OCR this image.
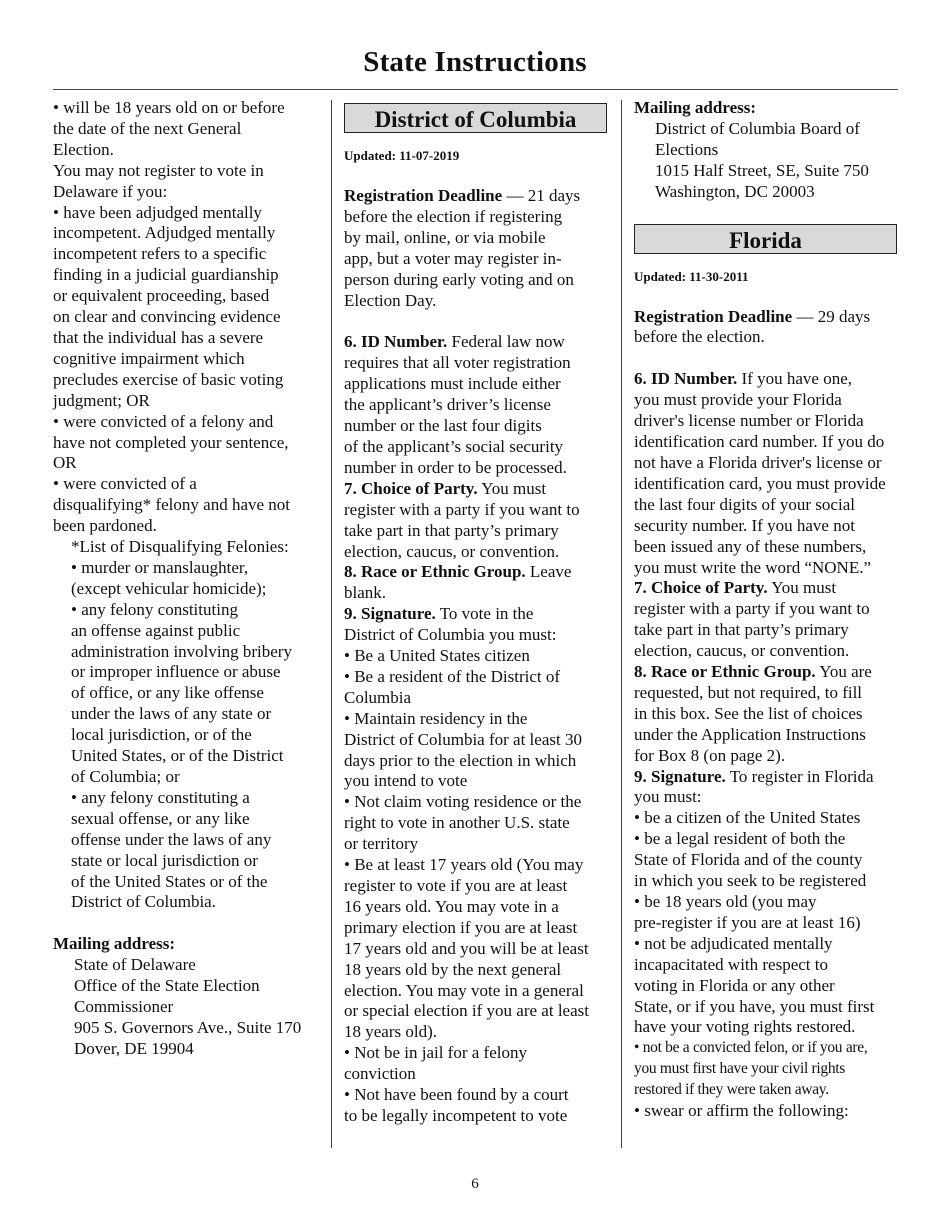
State Instructions
• will be 18 years old on or before
the date of the next General
Election.
You may not register to vote in
Delaware if you:
• have been adjudged mentally
incompetent. Adjudged mentally
incompetent refers to a specific
finding in a judicial guardianship
or equivalent proceeding, based
on clear and convincing evidence
that the individual has a severe
cognitive impairment which
precludes exercise of basic voting
judgment; OR
• were convicted of a felony and
have not completed your sentence,
OR
• were convicted of a
disqualifying* felony and have not
been pardoned.
*List of Disqualifying Felonies:
• murder or manslaughter,
(except vehicular homicide);
• any felony constituting
an offense against public
administration involving bribery
or improper influence or abuse
of office, or any like offense
under the laws of any state or
local jurisdiction, or of the
United States, or of the District
of Columbia; or
• any felony constituting a
sexual offense, or any like
offense under the laws of any
state or local jurisdiction or
of the United States or of the
District of Columbia.
Mailing address:
State of Delaware
Office of the State Election
Commissioner
905 S. Governors Ave., Suite 170
Dover, DE 19904
District of Columbia
Updated: 11-07-2019
Registration Deadline — 21 days
before the election if registering
by mail, online, or via mobile
app, but a voter may register in-
person during early voting and on
Election Day.
6. ID Number. Federal law now
requires that all voter registration
applications must include either
the applicant’s driver’s license
number or the last four digits
of the applicant’s social security
number in order to be processed.
7. Choice of Party. You must
register with a party if you want to
take part in that party’s primary
election, caucus, or convention.
8. Race or Ethnic Group. Leave
blank.
9. Signature. To vote in the
District of Columbia you must:
• Be a United States citizen
• Be a resident of the District of
Columbia
• Maintain residency in the
District of Columbia for at least 30
days prior to the election in which
you intend to vote
• Not claim voting residence or the
right to vote in another U.S. state
or territory
• Be at least 17 years old (You may
register to vote if you are at least
16 years old. You may vote in a
primary election if you are at least
17 years old and you will be at least
18 years old by the next general
election. You may vote in a general
or special election if you are at least
18 years old).
• Not be in jail for a felony
conviction
• Not have been found by a court
to be legally incompetent to vote
Mailing address:
District of Columbia Board of
Elections
1015 Half Street, SE, Suite 750
Washington, DC 20003
Florida
Updated: 11-30-2011
Registration Deadline — 29 days
before the election.
6. ID Number. If you have one,
you must provide your Florida
driver's license number or Florida
identification card number. If you do
not have a Florida driver's license or
identification card, you must provide
the last four digits of your social
security number. If you have not
been issued any of these numbers,
you must write the word “NONE.”
7. Choice of Party. You must
register with a party if you want to
take part in that party’s primary
election, caucus, or convention.
8. Race or Ethnic Group. You are
requested, but not required, to fill
in this box. See the list of choices
under the Application Instructions
for Box 8 (on page 2).
9. Signature. To register in Florida
you must:
• be a citizen of the United States
• be a legal resident of both the
State of Florida and of the county
in which you seek to be registered
• be 18 years old (you may
pre-register if you are at least 16)
• not be adjudicated mentally
incapacitated with respect to
voting in Florida or any other
State, or if you have, you must first
have your voting rights restored.
• not be a convicted felon, or if you are,
you must first have your civil rights
restored if they were taken away.
• swear or affirm the following:
6
